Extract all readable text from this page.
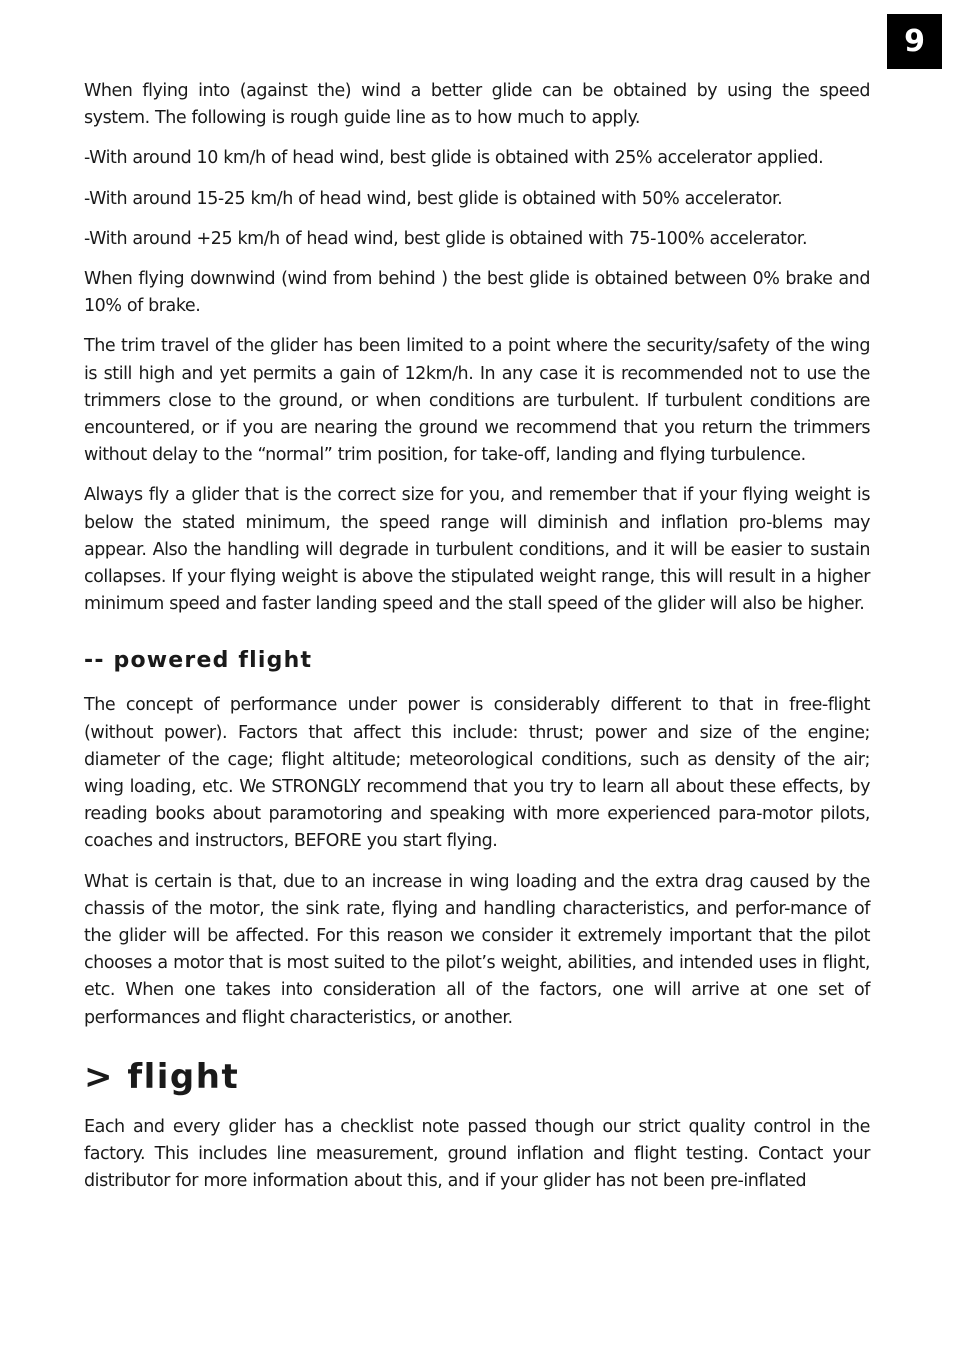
9

When flying into (against the) wind a better glide can be obtained by using the speed system. The following is rough guide line as to how much to apply.

-With around 10 km/h of head wind, best glide is obtained with 25% accelerator applied.

-With around 15-25 km/h of head wind, best glide is obtained with 50% accelerator.

-With around +25 km/h of head wind, best glide is obtained with 75-100% accelerator.

When flying downwind (wind from behind ) the best glide is obtained between 0% brake and 10% of brake.

The trim travel of the glider has been limited to a point where the security/safety of the wing is still high and yet permits a gain of 12km/h. In any case it is recommended not to use the trimmers close to the ground, or when conditions are turbulent. If turbulent conditions are encountered, or if you are nearing the ground we recommend that you return the trimmers without delay to the “normal” trim position, for take-off, landing and flying turbulence.

Always fly a glider that is the correct size for you, and remember that if your flying weight is below the stated minimum, the speed range will diminish and inflation pro-blems may appear. Also the handling will degrade in turbulent conditions, and it will be easier to sustain collapses. If your flying weight is above the stipulated weight range, this will result in a higher minimum speed and faster landing speed and the stall speed of the glider will also be higher.

-- powered flight

The concept of performance under power is considerably different to that in free-flight (without power). Factors that affect this include: thrust; power and size of the engine; diameter of the cage; flight altitude; meteorological conditions, such as density of the air; wing loading, etc. We STRONGLY recommend that you try to learn all about these effects, by reading books about paramotoring and speaking with more experienced para-motor pilots, coaches and instructors, BEFORE you start flying.

What is certain is that, due to an increase in wing loading and the extra drag caused by the chassis of the motor, the sink rate, flying and handling characteristics, and perfor-mance of the glider will be affected. For this reason we consider it extremely important that the pilot chooses a motor that is most suited to the pilot’s weight, abilities, and intended uses in flight, etc. When one takes into consideration all of the factors, one will arrive at one set of performances and flight characteristics, or another.

> flight

Each and every glider has a checklist note passed though our strict quality control in the factory. This includes line measurement, ground inflation and flight testing. Contact your distributor for more information about this, and if your glider has not been pre-inflated
